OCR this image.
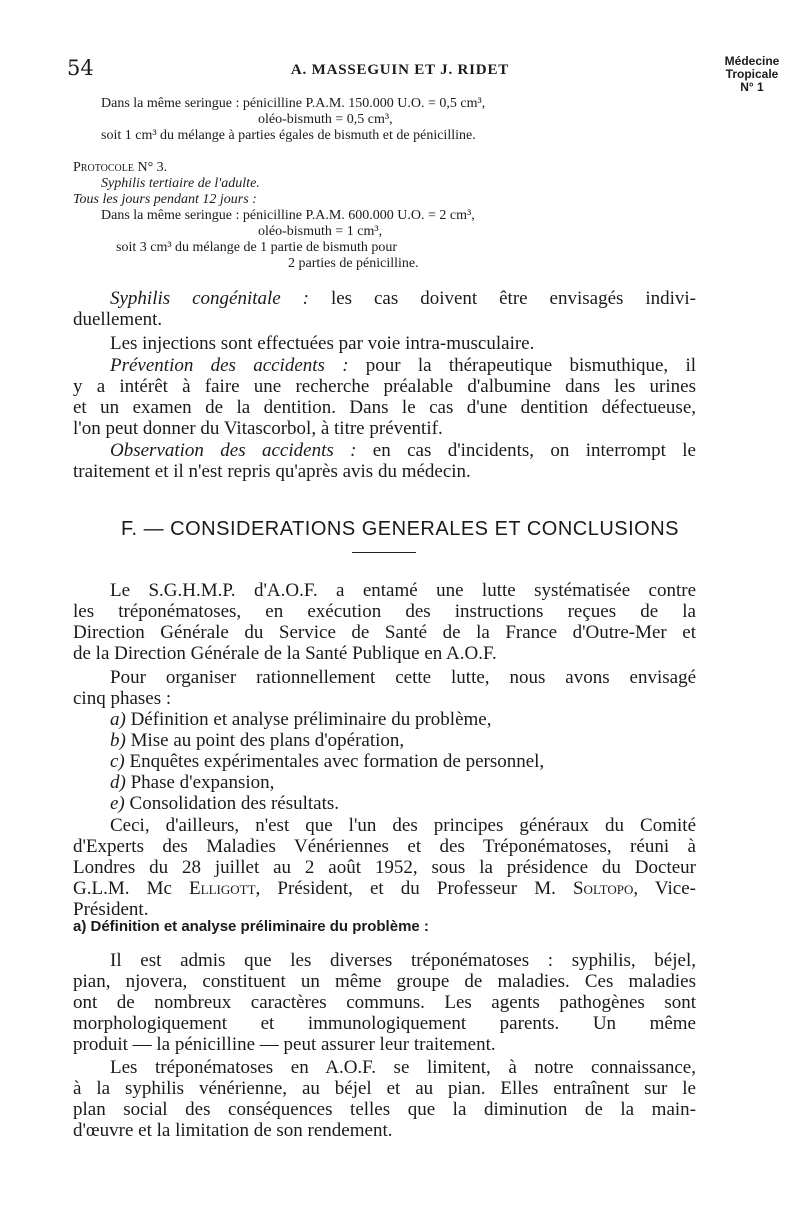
54	A. MASSEGUIN ET J. RIDET
Médecine
Tropicale
N° 1
Dans la même seringue : pénicilline P.A.M. 150.000 U.O. = 0,5 cm³,
oléo-bismuth = 0,5 cm³,
soit 1 cm³ du mélange à parties égales de bismuth et de pénicilline.
Protocole N° 3.
Syphilis tertiaire de l'adulte.
Tous les jours pendant 12 jours :
Dans la même seringue : pénicilline P.A.M. 600.000 U.O. = 2 cm³,
oléo-bismuth = 1 cm³,
soit 3 cm³ du mélange de 1 partie de bismuth pour
2 parties de pénicilline.
Syphilis congénitale : les cas doivent être envisagés indivi-
duellement.
Les injections sont effectuées par voie intra-musculaire.
Prévention des accidents : pour la thérapeutique bismuthique, il
y a intérêt à faire une recherche préalable d'albumine dans les urines
et un examen de la dentition. Dans le cas d'une dentition défectueuse,
l'on peut donner du Vitascorbol, à titre préventif.
Observation des accidents : en cas d'incidents, on interrompt le
traitement et il n'est repris qu'après avis du médecin.
F. — CONSIDERATIONS GENERALES ET CONCLUSIONS
Le S.G.H.M.P. d'A.O.F. a entamé une lutte systématisée contre
les tréponématoses, en exécution des instructions reçues de la
Direction Générale du Service de Santé de la France d'Outre-Mer et
de la Direction Générale de la Santé Publique en A.O.F.
Pour organiser rationnellement cette lutte, nous avons envisagé
cinq phases :
a) Définition et analyse préliminaire du problème,
b) Mise au point des plans d'opération,
c) Enquêtes expérimentales avec formation de personnel,
d) Phase d'expansion,
e) Consolidation des résultats.
Ceci, d'ailleurs, n'est que l'un des principes généraux du Comité
d'Experts des Maladies Vénériennes et des Tréponématoses, réuni à
Londres du 28 juillet au 2 août 1952, sous la présidence du Docteur
G.L.M. Mc Elligott, Président, et du Professeur M. Soltopo, Vice-
Président.
a) Définition et analyse préliminaire du problème :
Il est admis que les diverses tréponématoses : syphilis, béjel,
pian, njovera, constituent un même groupe de maladies. Ces maladies
ont de nombreux caractères communs. Les agents pathogènes sont
morphologiquement et immunologiquement parents. Un même
produit — la pénicilline — peut assurer leur traitement.
Les tréponématoses en A.O.F. se limitent, à notre connaissance,
à la syphilis vénérienne, au béjel et au pian. Elles entraînent sur le
plan social des conséquences telles que la diminution de la main-
d'œuvre et la limitation de son rendement.
